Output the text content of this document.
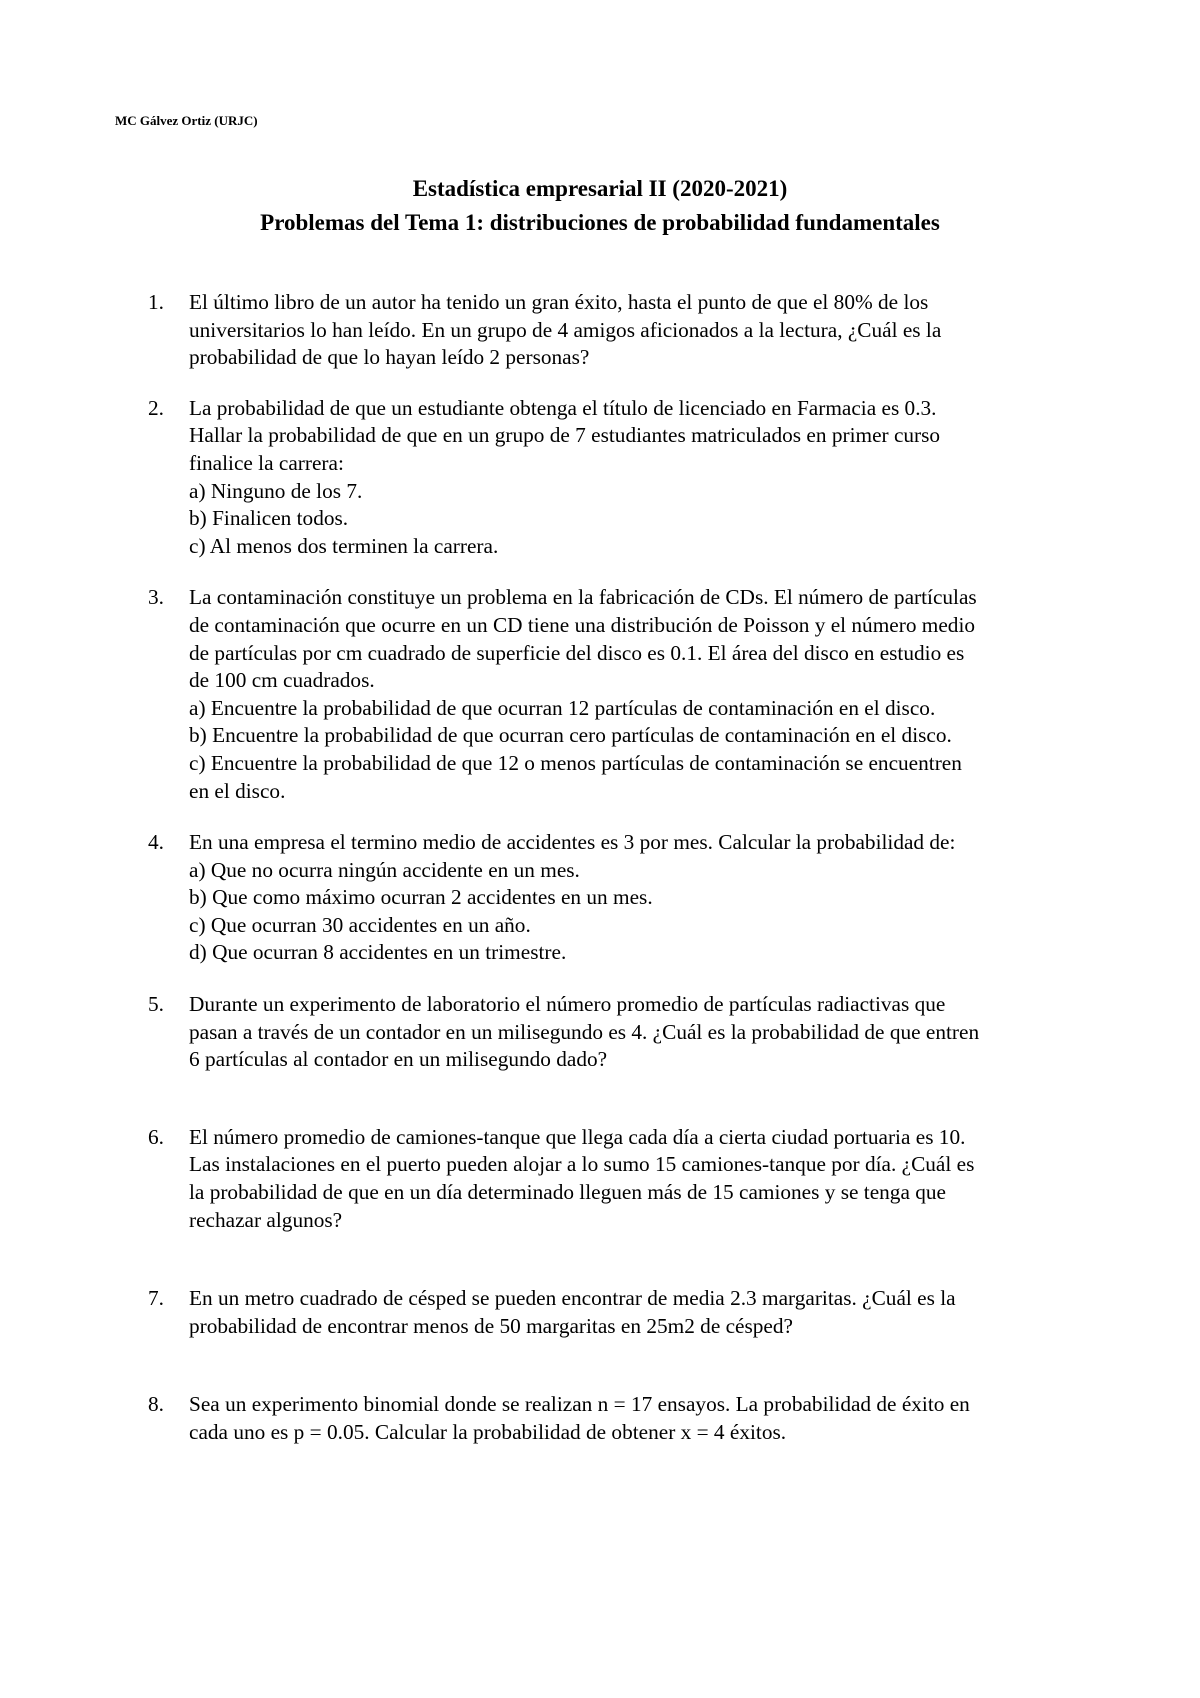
MC Gálvez Ortiz (URJC)
Estadística empresarial II (2020-2021)
Problemas del Tema 1: distribuciones de probabilidad fundamentales
1. El último libro de un autor ha tenido un gran éxito, hasta el punto de que el 80% de los
universitarios lo han leído. En un grupo de 4 amigos aficionados a la lectura, ¿Cuál es la
probabilidad de que lo hayan leído 2 personas?
2. La probabilidad de que un estudiante obtenga el título de licenciado en Farmacia es 0.3.
Hallar la probabilidad de que en un grupo de 7 estudiantes matriculados en primer curso
finalice la carrera:
a) Ninguno de los 7.
b) Finalicen todos.
c) Al menos dos terminen la carrera.
3. La contaminación constituye un problema en la fabricación de CDs. El número de partículas
de contaminación que ocurre en un CD tiene una distribución de Poisson y el número medio
de partículas por cm cuadrado de superficie del disco es 0.1. El área del disco en estudio es
de 100 cm cuadrados.
a) Encuentre la probabilidad de que ocurran 12 partículas de contaminación en el disco.
b) Encuentre la probabilidad de que ocurran cero partículas de contaminación en el disco.
c) Encuentre la probabilidad de que 12 o menos partículas de contaminación se encuentren
en el disco.
4. En una empresa el termino medio de accidentes es 3 por mes. Calcular la probabilidad de:
a) Que no ocurra ningún accidente en un mes.
b) Que como máximo ocurran 2 accidentes en un mes.
c) Que ocurran 30 accidentes en un año.
d) Que ocurran 8 accidentes en un trimestre.
5. Durante un experimento de laboratorio el número promedio de partículas radiactivas que
pasan a través de un contador en un milisegundo es 4. ¿Cuál es la probabilidad de que entren
6 partículas al contador en un milisegundo dado?
6. El número promedio de camiones-tanque que llega cada día a cierta ciudad portuaria es 10.
Las instalaciones en el puerto pueden alojar a lo sumo 15 camiones-tanque por día. ¿Cuál es
la probabilidad de que en un día determinado lleguen más de 15 camiones y se tenga que
rechazar algunos?
7. En un metro cuadrado de césped se pueden encontrar de media 2.3 margaritas. ¿Cuál es la
probabilidad de encontrar menos de 50 margaritas en 25m2 de césped?
8. Sea un experimento binomial donde se realizan n = 17 ensayos. La probabilidad de éxito en
cada uno es p = 0.05. Calcular la probabilidad de obtener x = 4 éxitos.
